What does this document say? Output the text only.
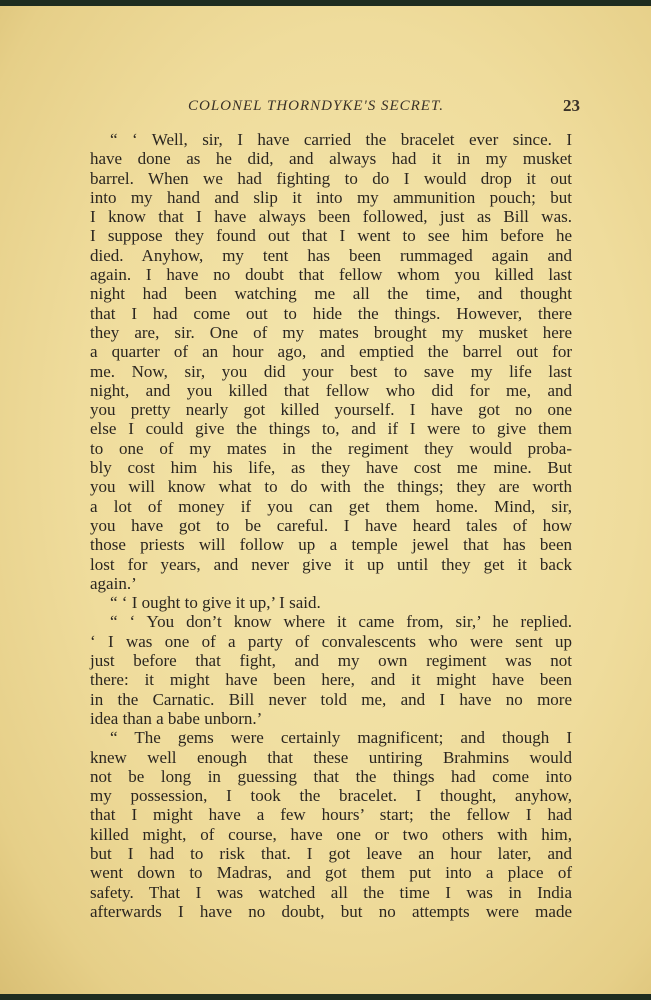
COLONEL THORNDYKE'S SECRET.	23
“ ‘ Well, sir, I have carried the bracelet ever since. I
have done as he did, and always had it in my musket
barrel. When we had fighting to do I would drop it out
into my hand and slip it into my ammunition pouch; but
I know that I have always been followed, just as Bill was.
I suppose they found out that I went to see him before he
died. Anyhow, my tent has been rummaged again and
again. I have no doubt that fellow whom you killed last
night had been watching me all the time, and thought
that I had come out to hide the things. However, there
they are, sir. One of my mates brought my musket here
a quarter of an hour ago, and emptied the barrel out for
me. Now, sir, you did your best to save my life last
night, and you killed that fellow who did for me, and
you pretty nearly got killed yourself. I have got no one
else I could give the things to, and if I were to give them
to one of my mates in the regiment they would proba-
bly cost him his life, as they have cost me mine. But
you will know what to do with the things; they are worth
a lot of money if you can get them home. Mind, sir,
you have got to be careful. I have heard tales of how
those priests will follow up a temple jewel that has been
lost for years, and never give it up until they get it back
again.’
“ ‘ I ought to give it up,’ I said.
“ ‘ You don’t know where it came from, sir,’ he replied.
‘ I was one of a party of convalescents who were sent up
just before that fight, and my own regiment was not
there: it might have been here, and it might have been
in the Carnatic. Bill never told me, and I have no more
idea than a babe unborn.’
“ The gems were certainly magnificent; and though I
knew well enough that these untiring Brahmins would
not be long in guessing that the things had come into
my possession, I took the bracelet. I thought, anyhow,
that I might have a few hours’ start; the fellow I had
killed might, of course, have one or two others with him,
but I had to risk that. I got leave an hour later, and
went down to Madras, and got them put into a place of
safety. That I was watched all the time I was in India
afterwards I have no doubt, but no attempts were made
